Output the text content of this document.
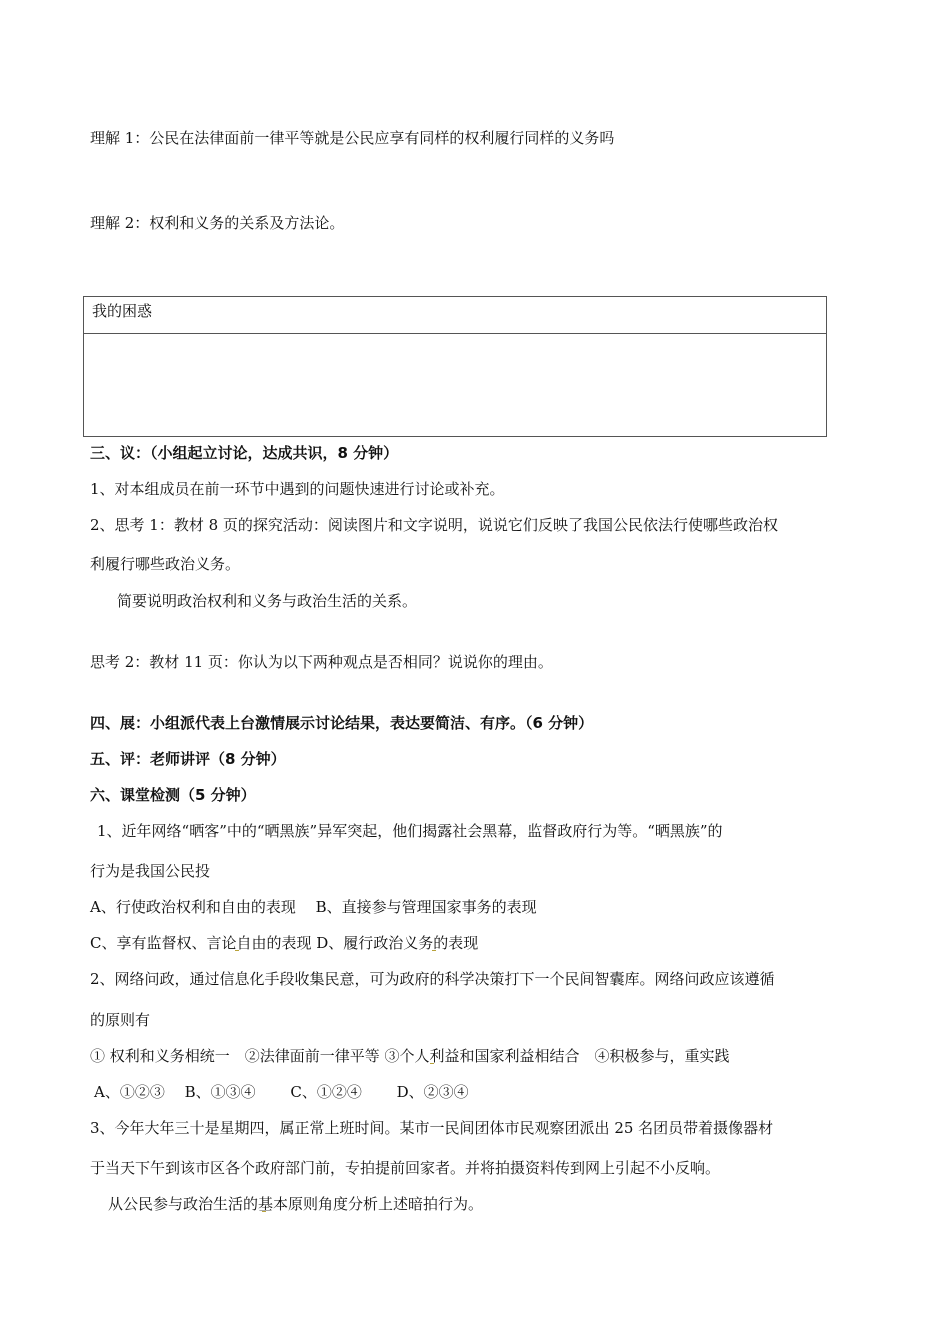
理解 1：公民在法律面前一律平等就是公民应享有同样的权利履行同样的义务吗
理解 2：权利和义务的关系及方法论。
我的困惑
三、议：（小组起立讨论，达成共识，8 分钟）
1、对本组成员在前一环节中遇到的问题快速进行讨论或补充。
2、思考 1：教材 8 页的探究活动：阅读图片和文字说明，说说它们反映了我国公民依法行使哪些政治权
利履行哪些政治义务。
简要说明政治权利和义务与政治生活的关系。
思考 2：教材 11 页：你认为以下两种观点是否相同？说说你的理由。
四、展：小组派代表上台激情展示讨论结果，表达要简洁、有序。（6 分钟）
五、评：老师讲评（8 分钟）
六、课堂检测（5 分钟）
1、近年网络“晒客”中的“晒黑族”异军突起，他们揭露社会黑幕，监督政府行为等。“晒黑族”的
行为是我国公民投
A、行使政治权利和自由的表现　 B、直接参与管理国家事务的表现
C、享有监督权、言论自由的表现 D、履行政治义务的表现
2、网络问政，通过信息化手段收集民意，可为政府的科学决策打下一个民间智囊库。网络问政应该遵循
的原则有
① 权利和义务相统一　②法律面前一律平等 ③个人利益和国家利益相结合　④积极参与，重实践
A、①②③　 B、①③④　　 C、①②④　　 D、②③④
3、今年大年三十是星期四，属正常上班时间。某市一民间团体市民观察团派出 25 名团员带着摄像器材
于当天下午到该市区各个政府部门前，专拍提前回家者。并将拍摄资料传到网上引起不小反响。
从公民参与政治生活的基本原则角度分析上述暗拍行为。
